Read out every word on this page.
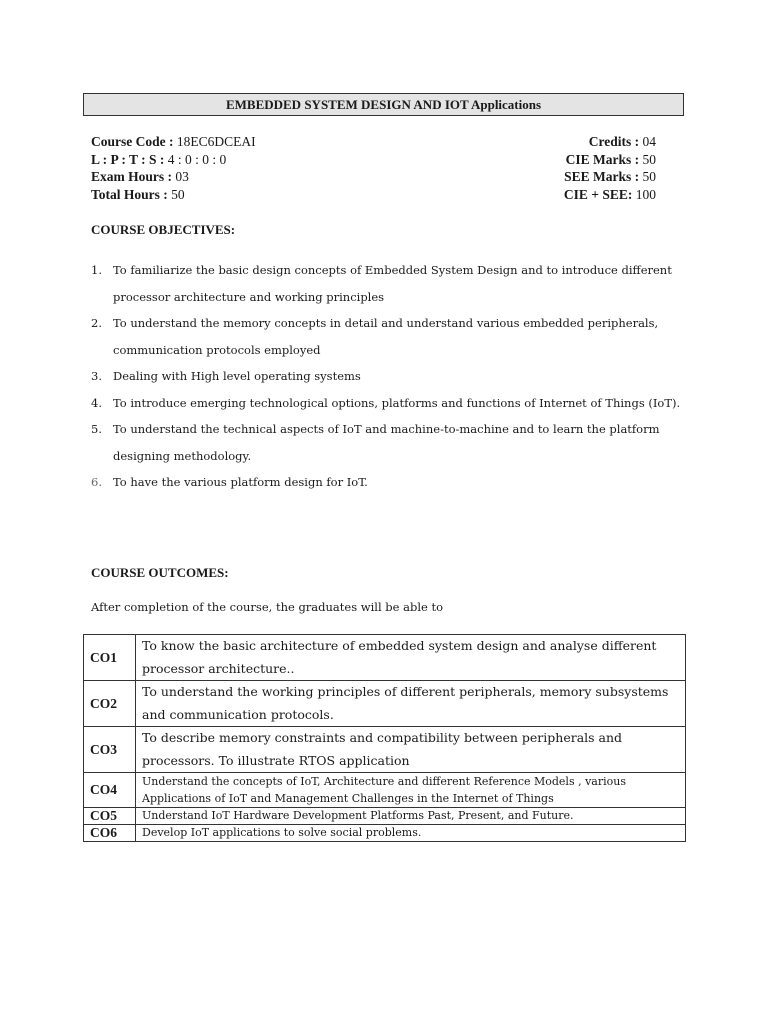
EMBEDDED SYSTEM DESIGN AND IOT Applications
Course Code : 18EC6DCEAI	Credits : 04
L : P : T : S : 4 : 0 : 0 : 0	CIE Marks : 50
Exam Hours : 03	SEE Marks : 50
Total Hours : 50	CIE + SEE: 100
COURSE OBJECTIVES:
1. To familiarize the basic design concepts of Embedded System Design and to introduce different processor architecture and working principles
2. To understand the memory concepts in detail and understand various embedded peripherals, communication protocols employed
3. Dealing with High level operating systems
4. To introduce emerging technological options, platforms and functions of Internet of Things (IoT).
5. To understand the technical aspects of IoT and machine-to-machine and to learn the platform designing methodology.
6. To have the various platform design for IoT.
COURSE OUTCOMES:
After completion of the course, the graduates will be able to
CO1	To know the basic architecture of embedded system design and analyse different processor architecture..
CO2	To understand the working principles of different peripherals, memory subsystems and communication protocols.
CO3	To describe memory constraints and compatibility between peripherals and processors. To illustrate RTOS application
CO4	Understand the concepts of IoT, Architecture and different Reference Models , various Applications of IoT and Management Challenges in the Internet of Things
CO5	Understand IoT Hardware Development Platforms Past, Present, and Future.
CO6	Develop IoT applications to solve social problems.
